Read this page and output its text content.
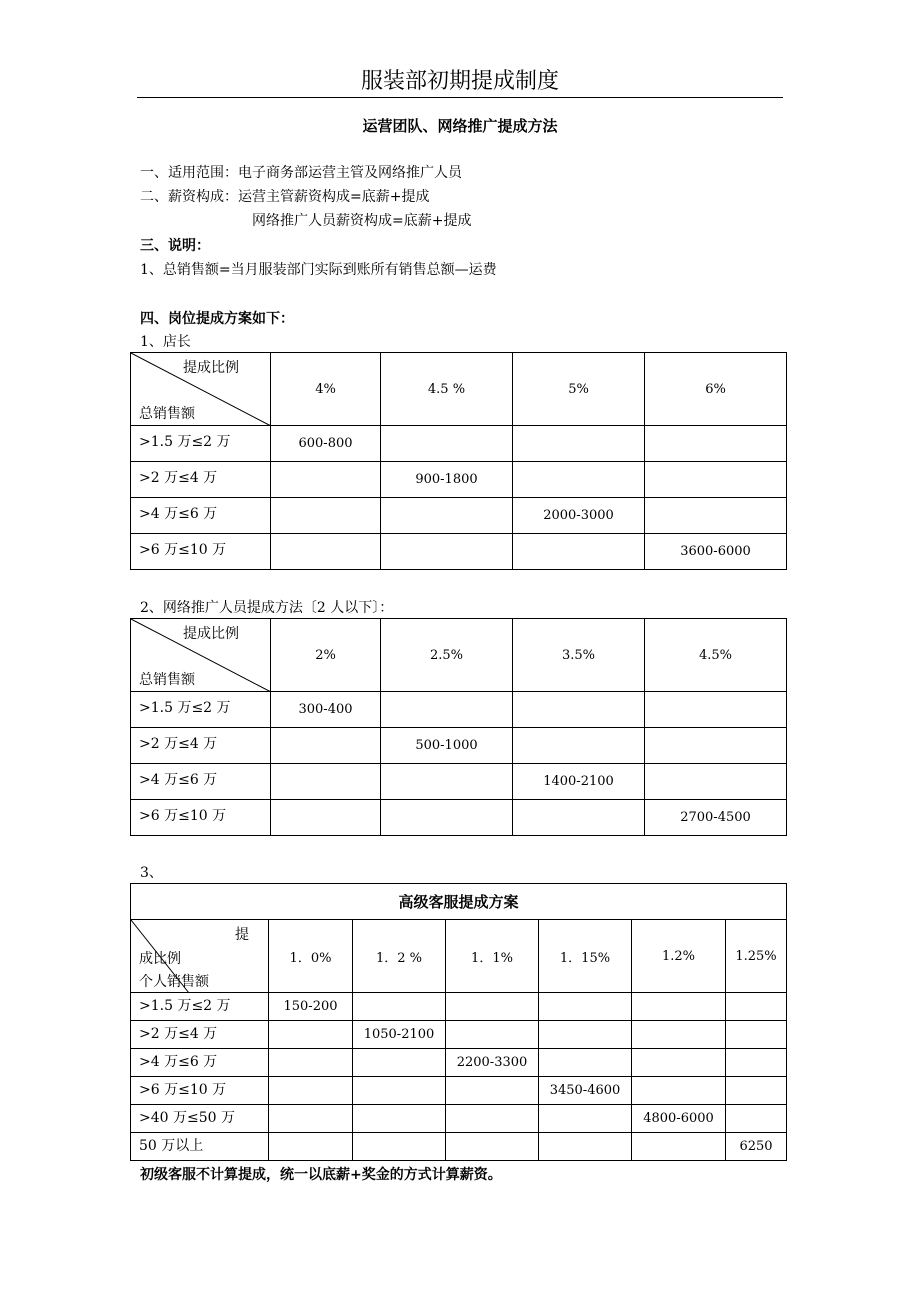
服装部初期提成制度
运营团队、网络推广提成方法
一、适用范围：电子商务部运营主管及网络推广人员
二、薪资构成：运营主管薪资构成=底薪+提成
网络推广人员薪资构成=底薪+提成
三、说明：
1、总销售额=当月服装部门实际到账所有销售总额—运费
四、岗位提成方案如下：
1、店长
提成比例
总销售额	4%	4.5 %	5%	6%
>1.5 万≤2 万	600-800			
>2 万≤4 万		900-1800		
>4 万≤6 万			2000-3000	
>6 万≤10 万				3600-6000
2、网络推广人员提成方法〔2 人以下〕：
提成比例
总销售额	2%	2.5%	3.5%	4.5%
>1.5 万≤2 万	300-400			
>2 万≤4 万		500-1000		
>4 万≤6 万			1400-2100	
>6 万≤10 万				2700-4500
3、
高级客服提成方案						

提
成比例
个人销售额	1．0%	1．2 %	1．1%	1．15%	1.2%	1.25%
>1.5 万≤2 万	150-200					
>2 万≤4 万		1050-2100				
>4 万≤6 万			2200-3300			
>6 万≤10 万				3450-4600		
>40 万≤50 万					4800-6000	
50 万以上						6250
初级客服不计算提成，统一以底薪+奖金的方式计算薪资。
